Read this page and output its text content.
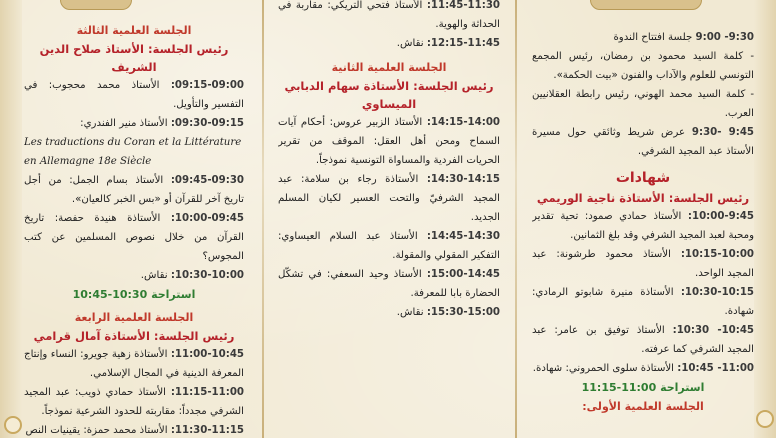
الجلسة العلمية الثالثة

رئيس الجلسة: الأستاذ صلاح الدين الشريف

09:15-09:00: الأستاذ محمد محجوب: في التفسير والتأويل.

09:30-09:15: الأستاذ منير الفندري:

Les traductions du Coran et la Littérature en Allemagne 18e Siècle

09:45-09:30: الأستاذ بسام الجمل: من أجل تاريخ آخر للقرآن أو «بس الخبر كالعيان».

10:00-09:45: الأستاذة هنيدة حفصة: تاريخ القرآن من خلال نصوص المسلمين عن كتب المجوس؟

10:30-10:00: نقاش.

استراحة 10:30-10:45

الجلسة العلمية الرابعة

رئيس الجلسة: الأستاذة آمال قرامي

11:00-10:45: الأستاذة زهية جويرو: النساء وإنتاج المعرفة الدينية في المجال الإسلامي.

11:15-11:00: الأستاذ حمادي ذويب: عبد المجيد الشرفي مجدداً: مقاربته للحدود الشرعية نموذجاً.

11:30-11:15: الأستاذ محمد حمزة: يقينيات النص

11:45-11:30: الأستاذ فتحي التريكي: مقاربة في الحداثة والهوية.

12:15-11:45: نقاش.

الجلسة العلمية الثانية

رئيس الجلسة: الأستاذة سهام الدبابي الميساوي

14:15-14:00: الأستاذ الزبير عروس: أحكام آيات السماح ومحن أهل العقل: الموقف من تقرير الحريات الفردية والمساواة التونسية نموذجاً.

14:30-14:15: الأستاذة رجاء بن سلامة: عبد المجيد الشرفيّ والتحت العسير لكيان المسلم الجديد.

14:45-14:30: الأستاذ عبد السلام العيساوي: التفكير المقولي والمقولة.

15:00-14:45: الأستاذ وحيد السعفي: في تشكّل الحضارة بابا للمعرفة.

15:30-15:00: نقاش.

9:30- 9:00 جلسة افتتاح الندوة

- كلمة السيد محمود بن رمضان، رئيس المجمع التونسي للعلوم والآداب والفنون «بيت الحكمة».

- كلمة السيد محمد الهوني، رئيس رابطة العقلانيين العرب.

9:45 -9:30 عرض شريط وثائقي حول مسيرة الأستاذ عبد المجيد الشرفي.

شهادات

رئيس الجلسة: الأستاذة ناجية الوريمي

10:00-9:45: الأستاذ حمادي صمود: تحية تقدير ومحبة لعبد المجيد الشرفي وقد بلغ الثمانين.

10:15-10:00: الأستاذ محمود طرشونة: عبد المجيد الواحد.

10:30-10:15: الأستاذة منيرة شابوتو الرمادي: شهادة.

10:45- 10:30: الأستاذ توفيق بن عامر: عبد المجيد الشرفي كما عرفته.

11:00- 10:45: الأستاذة سلوى الحمروني: شهادة.

استراحة 11:00-11:15

الجلسة العلمية الأولى:
